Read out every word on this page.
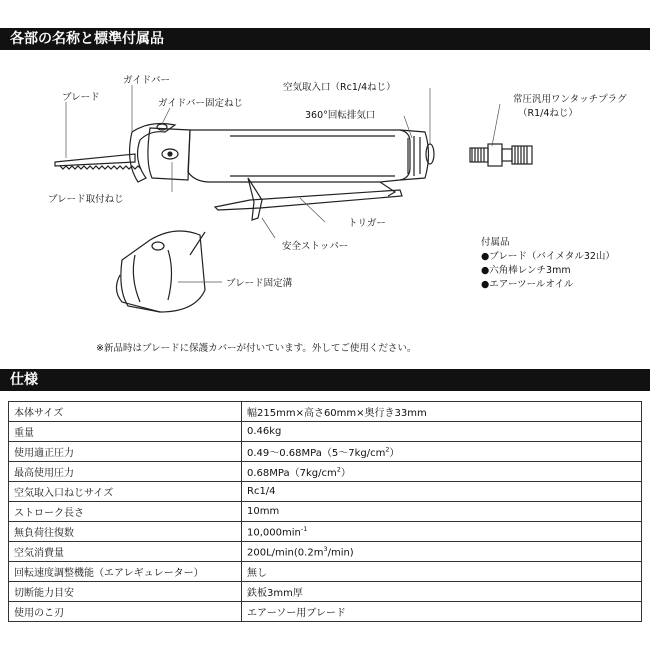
各部の名称と標準付属品
ブレード
ガイドバー
ガイドバー固定ねじ
空気取入口（Rc1/4ねじ）
360°回転排気口
常圧汎用ワンタッチプラグ
（R1/4ねじ）
ブレード取付ねじ
トリガー
安全ストッパー
ブレード固定溝
付属品
●ブレード（バイメタル32山）
●六角棒レンチ3mm
●エアーツールオイル
※新品時はブレードに保護カバーが付いています。外してご使用ください。
仕様
本体サイズ	幅215mm×高さ60mm×奥行き33mm
重量	0.46kg
使用適正圧力	0.49〜0.68MPa（5〜$7kg/cm^2$）
最高使用圧力	$0.68MPa(7kg/cm^2)$
空気取入口ねじサイズ	Rc1/4
ストローク長さ	10mm
無負荷往復数	$10,000\min^{-1}$
空気消費量	$200L/\min(0.2m^3/\min)$
回転速度調整機能（エアレギュレーター）	無し
切断能力目安	鉄板3mm厚
使用のこ刃	エアーソー用ブレード
